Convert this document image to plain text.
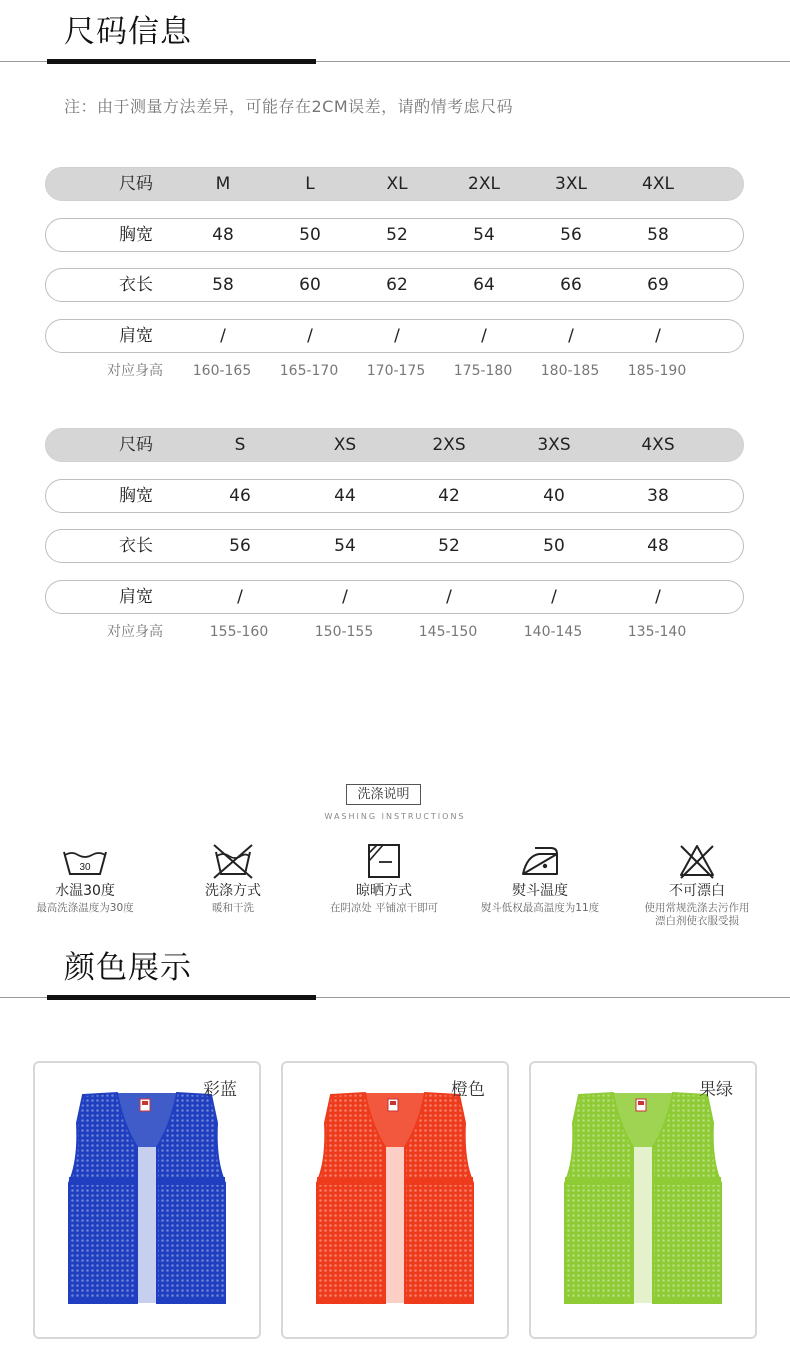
尺码信息
注：由于测量方法差异，可能存在2CM误差，请酌情考虑尺码
尺码	M	L	XL	2XL	3XL	4XL
胸宽	48	50	52	54	56	58
衣长	58	60	62	64	66	69
肩宽	/	/	/	/	/	/
对应身高 160-165 165-170 170-175 175-180 180-185 185-190
尺码	S	XS	2XS	3XS	4XS
胸宽	46	44	42	40	38
衣长	56	54	52	50	48
肩宽	/	/	/	/	/
对应身高	155-160	150-155	145-150	140-145	135-140
洗涤说明
WASHING INSTRUCTIONS
30
水温30度
最高洗涤温度为30度
洗涤方式
暖和干洗
晾晒方式
在阴凉处 平铺凉干即可
熨斗温度
熨斗低权最高温度为11度
不可漂白
使用常规洗涤去污作用
漂白剂使衣服受损
颜色展示
彩蓝	橙色	果绿
